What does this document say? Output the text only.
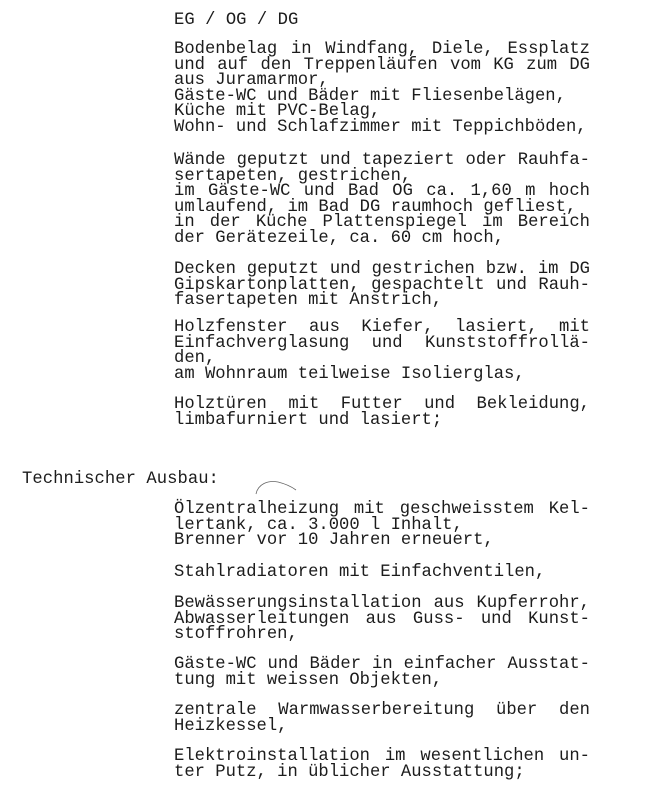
EG / OG / DG
Technischer Ausbau:
Bodenbelag in Windfang, Diele, Essplatz
und auf den Treppenläufen vom KG zum DG
aus Juramarmor,
Gäste-WC und Bäder mit Fliesenbelägen,
Küche mit PVC-Belag,
Wohn- und Schlafzimmer mit Teppichböden,
Wände geputzt und tapeziert oder Rauhfa-
sertapeten, gestrichen,
im Gäste-WC und Bad OG ca. 1,60 m hoch
umlaufend, im Bad DG raumhoch gefliest,
in der Küche Plattenspiegel im Bereich
der Gerätezeile, ca. 60 cm hoch,
Decken geputzt und gestrichen bzw. im DG
Gipskartonplatten, gespachtelt und Rauh-
fasertapeten mit Anstrich,
Holzfenster aus Kiefer, lasiert, mit
Einfachverglasung und Kunststoffrollä-
den,
am Wohnraum teilweise Isolierglas,
Holztüren mit Futter und Bekleidung,
limbafurniert und lasiert;
Ölzentralheizung mit geschweisstem Kel-
lertank, ca. 3.000 l Inhalt,
Brenner vor 10 Jahren erneuert,
Stahlradiatoren mit Einfachventilen,
Bewässerungsinstallation aus Kupferrohr,
Abwasserleitungen aus Guss- und Kunst-
stoffrohren,
Gäste-WC und Bäder in einfacher Ausstat-
tung mit weissen Objekten,
zentrale Warmwasserbereitung über den
Heizkessel,
Elektroinstallation im wesentlichen un-
ter Putz, in üblicher Ausstattung;
